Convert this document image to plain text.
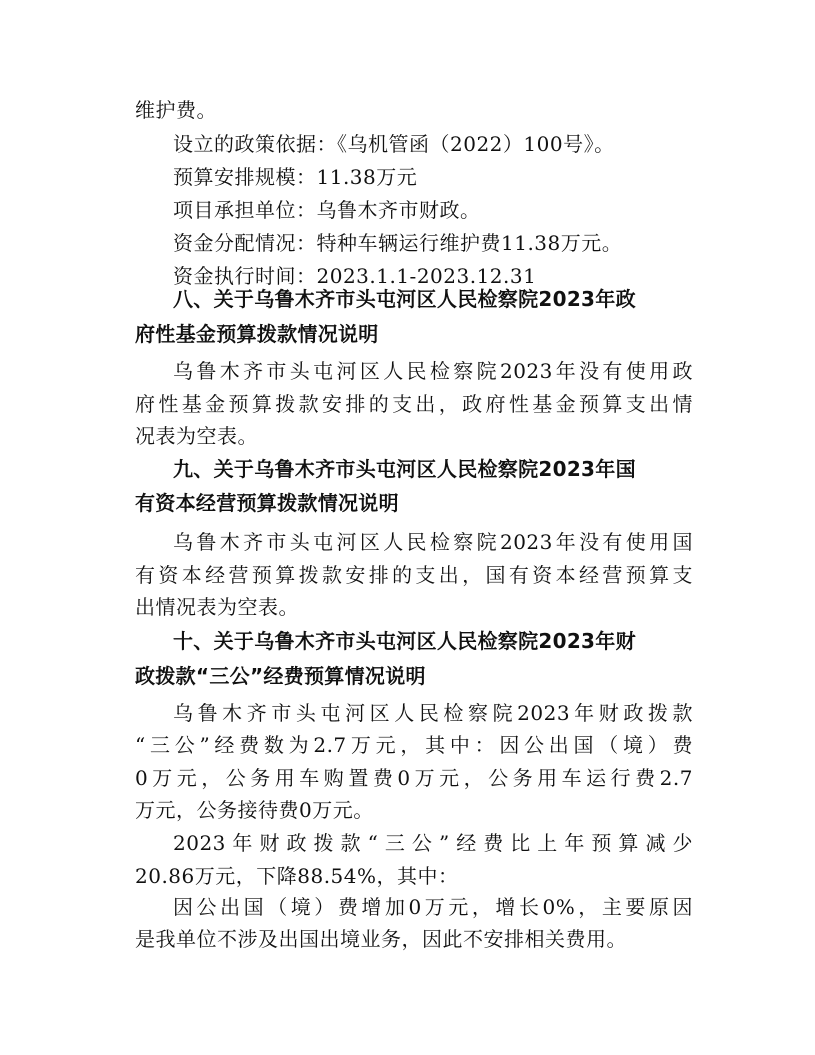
维护费。
设立的政策依据：《乌机管函（2022）100号》。
预算安排规模：11.38万元
项目承担单位：乌鲁木齐市财政。
资金分配情况：特种车辆运行维护费11.38万元。
资金执行时间：2023.1.1-2023.12.31
八、关于乌鲁木齐市头屯河区人民检察院2023年政
府性基金预算拨款情况说明
乌鲁木齐市头屯河区人民检察院2023年没有使用政
府性基金预算拨款安排的支出，政府性基金预算支出情
况表为空表。
九、关于乌鲁木齐市头屯河区人民检察院2023年国
有资本经营预算拨款情况说明
乌鲁木齐市头屯河区人民检察院2023年没有使用国
有资本经营预算拨款安排的支出，国有资本经营预算支
出情况表为空表。
十、关于乌鲁木齐市头屯河区人民检察院2023年财
政拨款“三公”经费预算情况说明
乌鲁木齐市头屯河区人民检察院2023年财政拨款
“三公”经费数为2.7万元，其中：因公出国（境）费
0万元，公务用车购置费0万元，公务用车运行费2.7
万元，公务接待费0万元。
2023年财政拨款“三公”经费比上年预算减少
20.86万元，下降88.54%，其中：
因公出国（境）费增加0万元，增长0%，主要原因
是我单位不涉及出国出境业务，因此不安排相关费用。
